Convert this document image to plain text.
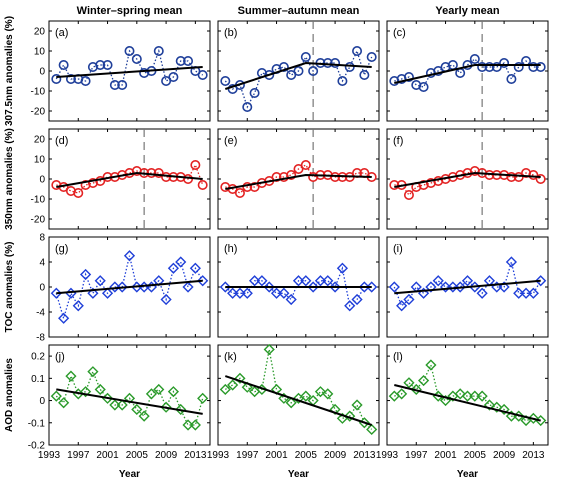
Winter–spring mean	Summer–autumn mean	Yearly mean
307.5nm anomalies (%)
350nm anomalies (%)
TOC anomalies (%)
AOD anomalies
-20
-10
0
10
20 (a)	(b)	(c)
-20
-10
0
10
20 (d)	(e)	(f)
-8
-4
0
4
8
(g)	(h)	(i)
-0.2
-0.1
0
0.1
0.2
1993 1997 2001 2005 2009 2013
(j)
1993 1997 2001 2005 2009 2013
(k)
1993 1997 2001 2005 2009 2013
(l)
Year	Year	Year
